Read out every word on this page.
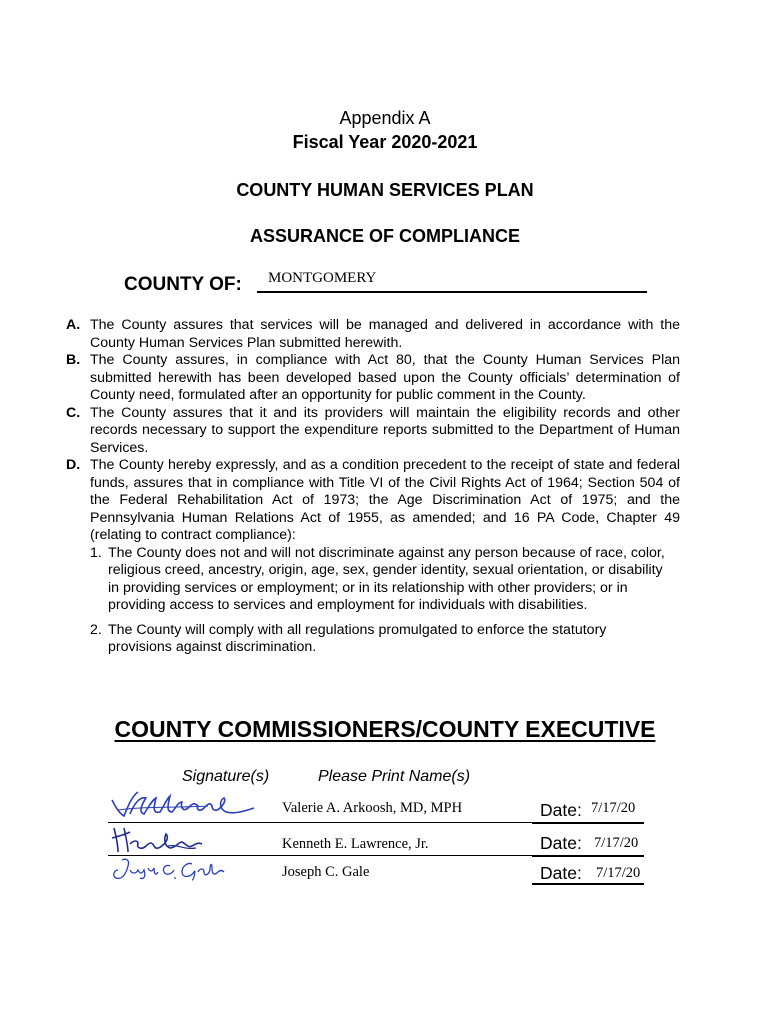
Appendix A
Fiscal Year 2020-2021
COUNTY HUMAN SERVICES PLAN
ASSURANCE OF COMPLIANCE
COUNTY OF: MONTGOMERY
A. The County assures that services will be managed and delivered in accordance with the County Human Services Plan submitted herewith.
B. The County assures, in compliance with Act 80, that the County Human Services Plan submitted herewith has been developed based upon the County officials’ determination of County need, formulated after an opportunity for public comment in the County.
C. The County assures that it and its providers will maintain the eligibility records and other records necessary to support the expenditure reports submitted to the Department of Human Services.
D. The County hereby expressly, and as a condition precedent to the receipt of state and federal funds, assures that in compliance with Title VI of the Civil Rights Act of 1964; Section 504 of the Federal Rehabilitation Act of 1973; the Age Discrimination Act of 1975; and the Pennsylvania Human Relations Act of 1955, as amended; and 16 PA Code, Chapter 49 (relating to contract compliance):
1. The County does not and will not discriminate against any person because of race, color, religious creed, ancestry, origin, age, sex, gender identity, sexual orientation, or disability in providing services or employment; or in its relationship with other providers; or in providing access to services and employment for individuals with disabilities.
2. The County will comply with all regulations promulgated to enforce the statutory provisions against discrimination.
COUNTY COMMISSIONERS/COUNTY EXECUTIVE
Signature(s)	Please Print Name(s)
Valerie A. Arkoosh, MD, MPH	Date: 7/17/20
Kenneth E. Lawrence, Jr.	Date: 7/17/20
Joseph C. Gale	Date: 7/17/20
